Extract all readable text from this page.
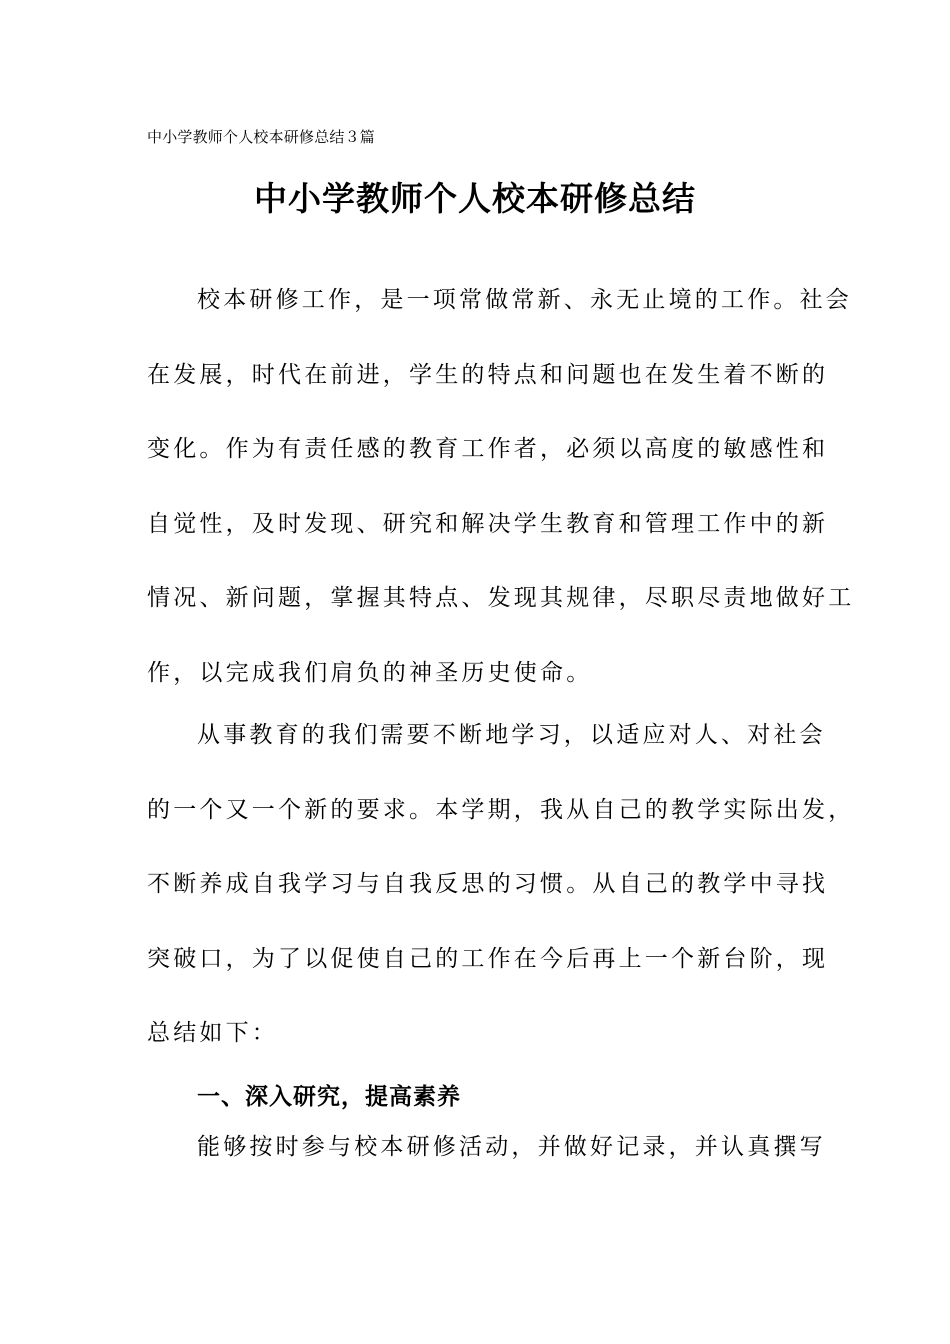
中小学教师个人校本研修总结３篇
中小学教师个人校本研修总结
校本研修工作，是一项常做常新、永无止境的工作。社会
在发展，时代在前进，学生的特点和问题也在发生着不断的
变化。作为有责任感的教育工作者，必须以高度的敏感性和
自觉性，及时发现、研究和解决学生教育和管理工作中的新
情况、新问题，掌握其特点、发现其规律，尽职尽责地做好工
作，以完成我们肩负的神圣历史使命。
从事教育的我们需要不断地学习，以适应对人、对社会
的一个又一个新的要求。本学期，我从自己的教学实际出发，
不断养成自我学习与自我反思的习惯。从自己的教学中寻找
突破口，为了以促使自己的工作在今后再上一个新台阶，现
总结如下：
一、深入研究，提高素养
能够按时参与校本研修活动，并做好记录，并认真撰写
